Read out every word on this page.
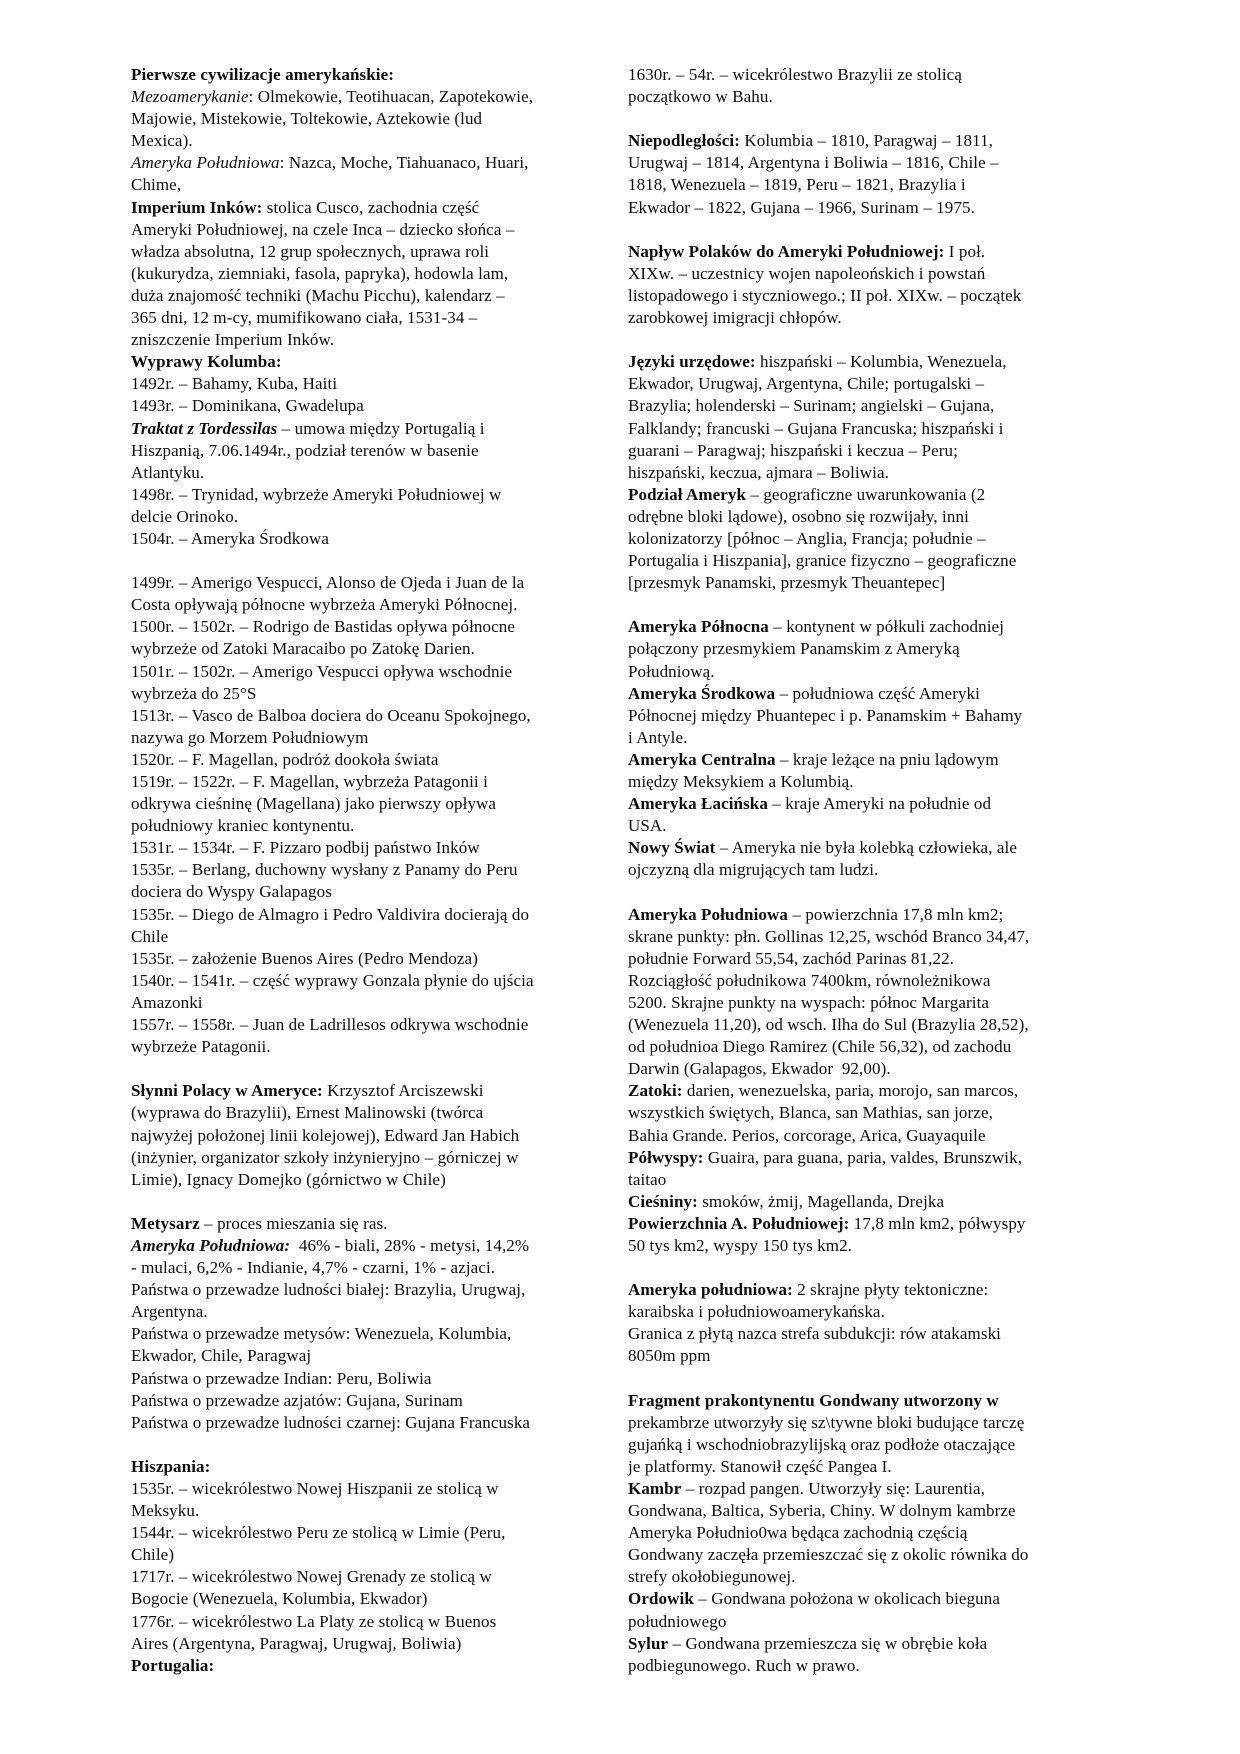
Pierwsze cywilizacje amerykańskie:
Mezoamerykanie: Olmekowie, Teotihuacan, Zapotekowie,
Majowie, Mistekowie, Toltekowie, Aztekowie (lud
Mexica).
Ameryka Południowa: Nazca, Moche, Tiahuanaco, Huari,
Chime,
Imperium Inków: stolica Cusco, zachodnia część
Ameryki Południowej, na czele Inca – dziecko słońca –
władza absolutna, 12 grup społecznych, uprawa roli
(kukurydza, ziemniaki, fasola, papryka), hodowla lam,
duża znajomość techniki (Machu Picchu), kalendarz –
365 dni, 12 m-cy, mumifikowano ciała, 1531-34 –
zniszczenie Imperium Inków.
Wyprawy Kolumba:
1492r. – Bahamy, Kuba, Haiti
1493r. – Dominikana, Gwadelupa
Traktat z Tordessilas – umowa między Portugalią i
Hiszpanią, 7.06.1494r., podział terenów w basenie
Atlantyku.
1498r. – Trynidad, wybrzeże Ameryki Południowej w
delcie Orinoko.
1504r. – Ameryka Środkowa

1499r. – Amerigo Vespucci, Alonso de Ojeda i Juan de la
Costa opływają północne wybrzeża Ameryki Północnej.
1500r. – 1502r. – Rodrigo de Bastidas opływa północne
wybrzeże od Zatoki Maracaibo po Zatokę Darien.
1501r. – 1502r. – Amerigo Vespucci opływa wschodnie
wybrzeża do 25°S
1513r. – Vasco de Balboa dociera do Oceanu Spokojnego,
nazywa go Morzem Południowym
1520r. – F. Magellan, podróż dookoła świata
1519r. – 1522r. – F. Magellan, wybrzeża Patagonii i
odkrywa cieśninę (Magellana) jako pierwszy opływa
południowy kraniec kontynentu.
1531r. – 1534r. – F. Pizzaro podbij państwo Inków
1535r. – Berlang, duchowny wysłany z Panamy do Peru
dociera do Wyspy Galapagos
1535r. – Diego de Almagro i Pedro Valdivira docierają do
Chile
1535r. – założenie Buenos Aires (Pedro Mendoza)
1540r. – 1541r. – część wyprawy Gonzala płynie do ujścia
Amazonki
1557r. – 1558r. – Juan de Ladrillesos odkrywa wschodnie
wybrzeże Patagonii.

Słynni Polacy w Ameryce: Krzysztof Arciszewski
(wyprawa do Brazylii), Ernest Malinowski (twórca
najwyżej położonej linii kolejowej), Edward Jan Habich
(inżynier, organizator szkoły inżynieryjno – górniczej w
Limie), Ignacy Domejko (górnictwo w Chile)

Metysarz – proces mieszania się ras.
Ameryka Południowa:  46% - biali, 28% - metysi, 14,2%
- mulaci, 6,2% - Indianie, 4,7% - czarni, 1% - azjaci.
Państwa o przewadze ludności białej: Brazylia, Urugwaj,
Argentyna.
Państwa o przewadze metysów: Wenezuela, Kolumbia,
Ekwador, Chile, Paragwaj
Państwa o przewadze Indian: Peru, Boliwia
Państwa o przewadze azjatów: Gujana, Surinam
Państwa o przewadze ludności czarnej: Gujana Francuska

Hiszpania:
1535r. – wicekrólestwo Nowej Hiszpanii ze stolicą w
Meksyku.
1544r. – wicekrólestwo Peru ze stolicą w Limie (Peru,
Chile)
1717r. – wicekrólestwo Nowej Grenady ze stolicą w
Bogocie (Wenezuela, Kolumbia, Ekwador)
1776r. – wicekrólestwo La Platy ze stolicą w Buenos
Aires (Argentyna, Paragwaj, Urugwaj, Boliwia)
Portugalia:
1630r. – 54r. – wicekrólestwo Brazylii ze stolicą
początkowo w Bahu.

Niepodległości: Kolumbia – 1810, Paragwaj – 1811,
Urugwaj – 1814, Argentyna i Boliwia – 1816, Chile –
1818, Wenezuela – 1819, Peru – 1821, Brazylia i
Ekwador – 1822, Gujana – 1966, Surinam – 1975.

Napływ Polaków do Ameryki Południowej: I poł.
XIXw. – uczestnicy wojen napoleońskich i powstań
listopadowego i styczniowego.; II poł. XIXw. – początek
zarobkowej imigracji chłopów.

Języki urzędowe: hiszpański – Kolumbia, Wenezuela,
Ekwador, Urugwaj, Argentyna, Chile; portugalski –
Brazylia; holenderski – Surinam; angielski – Gujana,
Falklandy; francuski – Gujana Francuska; hiszpański i
guarani – Paragwaj; hiszpański i keczua – Peru;
hiszpański, keczua, ajmara – Boliwia.
Podział Ameryk – geograficzne uwarunkowania (2
odrębne bloki lądowe), osobno się rozwijały, inni
kolonizatorzy [północ – Anglia, Francja; południe –
Portugalia i Hiszpania], granice fizyczno – geograficzne
[przesmyk Panamski, przesmyk Theuantepec]

Ameryka Północna – kontynent w półkuli zachodniej
połączony przesmykiem Panamskim z Ameryką
Południową.
Ameryka Środkowa – południowa część Ameryki
Północnej między Phuantepec i p. Panamskim + Bahamy
i Antyle.
Ameryka Centralna – kraje leżące na pniu lądowym
między Meksykiem a Kolumbią.
Ameryka Łacińska – kraje Ameryki na południe od
USA.
Nowy Świat – Ameryka nie była kolebką człowieka, ale
ojczyzną dla migrujących tam ludzi.

Ameryka Południowa – powierzchnia 17,8 mln km2;
skrane punkty: płn. Gollinas 12,25, wschód Branco 34,47,
południe Forward 55,54, zachód Parinas 81,22.
Rozciągłość południkowa 7400km, równoleżnikowa
5200. Skrajne punkty na wyspach: północ Margarita
(Wenezuela 11,20), od wsch. Ilha do Sul (Brazylia 28,52),
od południoa Diego Ramirez (Chile 56,32), od zachodu
Darwin (Galapagos, Ekwador  92,00).
Zatoki: darien, wenezuelska, paria, morojo, san marcos,
wszystkich świętych, Blanca, san Mathias, san jorze,
Bahia Grande. Perios, corcorage, Arica, Guayaquile
Półwyspy: Guaira, para guana, paria, valdes, Brunszwik,
taitao
Cieśniny: smoków, żmij, Magellanda, Drejka
Powierzchnia A. Południowej: 17,8 mln km2, półwyspy
50 tys km2, wyspy 150 tys km2.

Ameryka południowa: 2 skrajne płyty tektoniczne:
karaibska i południowoamerykańska.
Granica z płytą nazca strefa subdukcji: rów atakamski
8050m ppm

Fragment prakontynentu Gondwany utworzony w
prekambrze utworzyły się sz\tywne bloki budujące tarczę
gujańką i wschodniobrazylijską oraz podłoże otaczające
je platformy. Stanowił część Pangea I.
Kambr – rozpad pangen. Utworzyły się: Laurentia,
Gondwana, Baltica, Syberia, Chiny. W dolnym kambrze
Ameryka Południo0wa będąca zachodnią częścią
Gondwany zaczęła przemieszczać się z okolic równika do
strefy okołobiegunowej.
Ordowik – Gondwana położona w okolicach bieguna
południowego
Sylur – Gondwana przemieszcza się w obrębie koła
podbiegunowego. Ruch w prawo.
